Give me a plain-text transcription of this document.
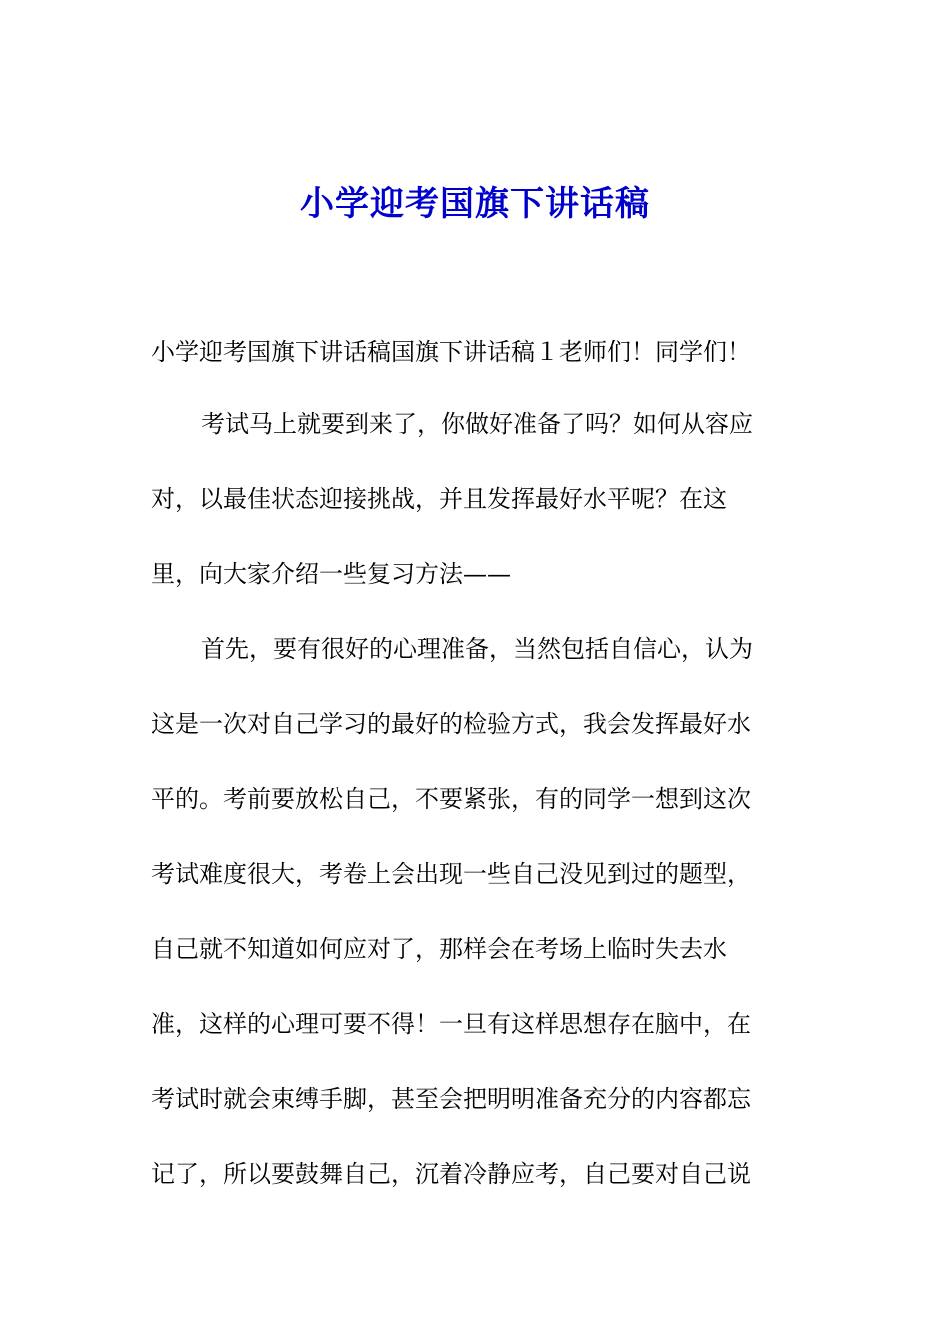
小学迎考国旗下讲话稿

小学迎考国旗下讲话稿国旗下讲话稿１老师们！同学们！

考试马上就要到来了，你做好准备了吗？如何从容应

对，以最佳状态迎接挑战，并且发挥最好水平呢？在这

里，向大家介绍一些复习方法——

首先，要有很好的心理准备，当然包括自信心，认为

这是一次对自己学习的最好的检验方式，我会发挥最好水

平的。考前要放松自己，不要紧张，有的同学一想到这次

考试难度很大，考卷上会出现一些自己没见到过的题型，

自己就不知道如何应对了，那样会在考场上临时失去水

准，这样的心理可要不得！一旦有这样思想存在脑中，在

考试时就会束缚手脚，甚至会把明明准备充分的内容都忘

记了，所以要鼓舞自己，沉着冷静应考，自己要对自己说
